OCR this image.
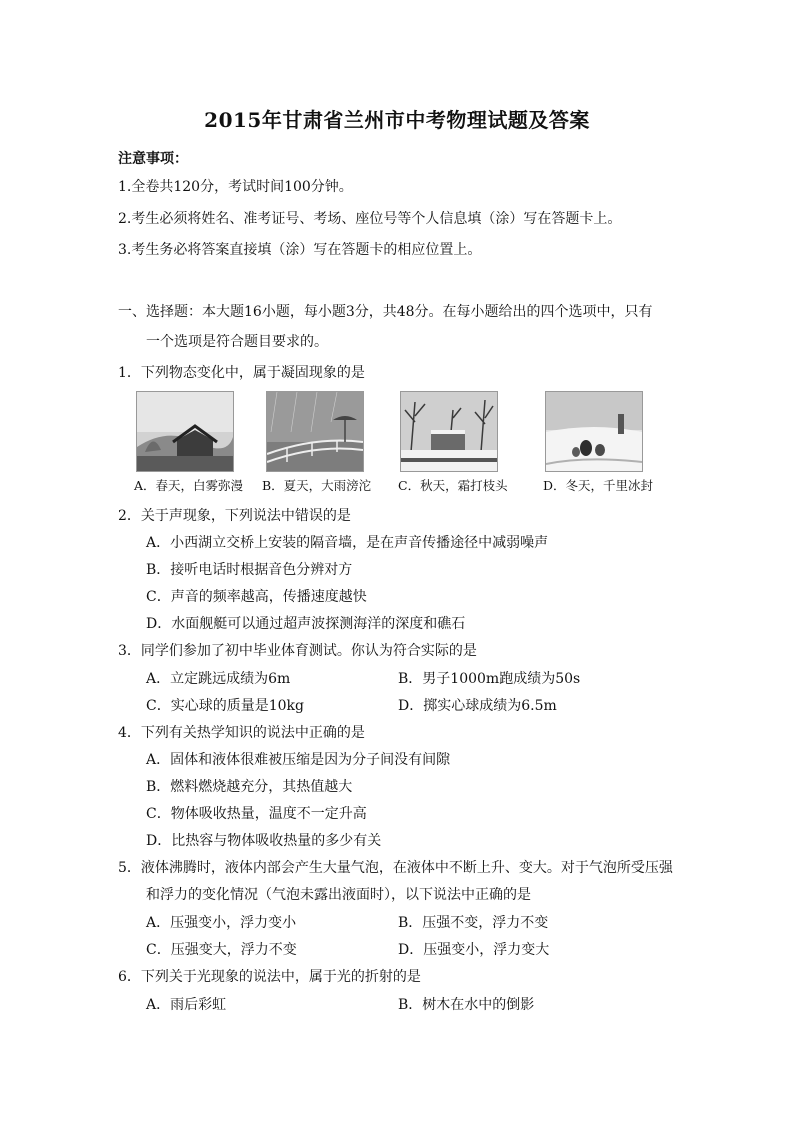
2015年甘肃省兰州市中考物理试题及答案
注意事项：
1.全卷共120分，考试时间100分钟。
2.考生必须将姓名、准考证号、考场、座位号等个人信息填（涂）写在答题卡上。
3.考生务必将答案直接填（涂）写在答题卡的相应位置上。
一、选择题：本大题16小题，每小题3分，共48分。在每小题给出的四个选项中，只有
一个选项是符合题目要求的。
1．下列物态变化中，属于凝固现象的是
A．春天，白雾弥漫 B．夏天，大雨滂沱 C．秋天，霜打枝头	D．冬天，千里冰封
2．关于声现象，下列说法中错误的是
A．小西湖立交桥上安装的隔音墙，是在声音传播途径中减弱噪声
B．接听电话时根据音色分辨对方
C．声音的频率越高，传播速度越快
D．水面舰艇可以通过超声波探测海洋的深度和礁石
3．同学们参加了初中毕业体育测试。你认为符合实际的是
A．立定跳远成绩为6m	B．男子1000m跑成绩为50s
C．实心球的质量是10kg	D．掷实心球成绩为6.5m
4．下列有关热学知识的说法中正确的是
A．固体和液体很难被压缩是因为分子间没有间隙
B．燃料燃烧越充分，其热值越大
C．物体吸收热量，温度不一定升高
D．比热容与物体吸收热量的多少有关
5．液体沸腾时，液体内部会产生大量气泡，在液体中不断上升、变大。对于气泡所受压强
和浮力的变化情况（气泡未露出液面时），以下说法中正确的是
A．压强变小，浮力变小	B．压强不变，浮力不变
C．压强变大，浮力不变	D．压强变小，浮力变大
6．下列关于光现象的说法中，属于光的折射的是
A．雨后彩虹	B．树木在水中的倒影
